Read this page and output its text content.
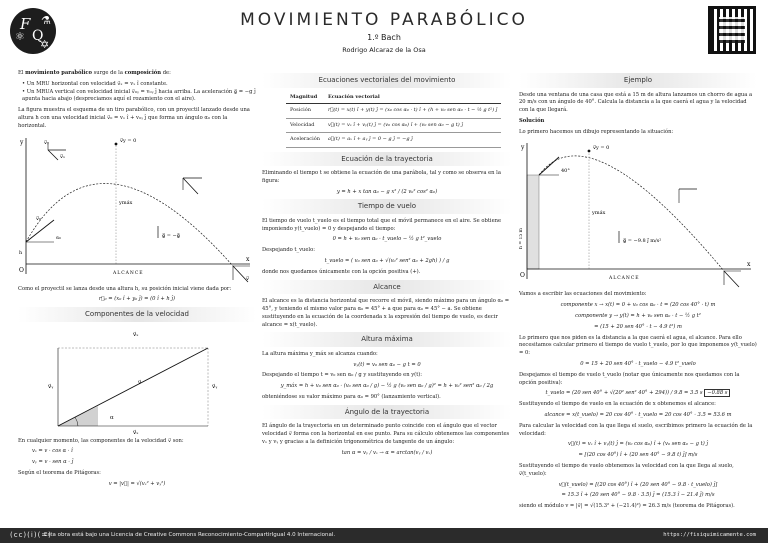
F
Q
⚛
⚗
✡
MOVIMIENTO PARABÓLICO
1.º Bach
Rodrigo Alcaraz de la Osa

El movimiento parabólico surge de la composición de:

• Un MRU horizontal con velocidad v⃗ₓ = vₓ î constante.
• Un MRUA vertical con velocidad inicial v⃗₀ᵧ = v₀ᵧ ĵ hacia arriba. La aceleración g⃗ = −g ĵ apunta hacia abajo (despreciamos aquí el rozamiento con el aire).

La figura muestra el esquema de un tiro parabólico, con un proyectil lanzado desde una altura h con una velocidad inicial v⃗₀ = vₓ î + v₀ᵧ ĵ que forma un ángulo α₀ con la horizontal.

y
x
O
h
v⃗y = 0
ymáx
g⃗ = −g⃗
ALCANCE
v⃗₀
α₀
v⃗ᵧ
v⃗ₓ
v⃗

Como el proyectil se lanza desde una altura h, su posición inicial viene dada por:

r⃗₀ = (x₀ î + y₀ ĵ) = (0 î + h ĵ)
Componentes de la velocidad
v⃗ₓ
v⃗ᵧ	v⃗ᵧ
v⃗ₓ
v⃗
α

En cualquier momento, las componentes de la velocidad v⃗ son:

vₓ = v · cos α · î
vᵧ = v · sen α · ĵ

Según el teorema de Pitágoras:

v = |v⃗| = √(vₓ² + vᵧ²)
Ecuaciones vectoriales del movimiento
Magnitud	Ecuación vectorial
Posición	r⃗(t) = x(t) î + y(t) ĵ = (x₀ cos α₀ · t) î + (h + v₀ sen α₀ · t − ½ g t²) ĵ
Velocidad	v⃗(t) = vₓ î + vᵧ(t) ĵ = (v₀ cos α₀) î + (v₀ sen α₀ − g t) ĵ
Aceleración	a⃗(t) = aₓ î + aᵧ ĵ = 0 − g ĵ = −g ĵ
Ecuación de la trayectoria

Eliminando el tiempo t se obtiene la ecuación de una parábola, tal y como se observa en la figura:

y = h + x tan α₀ − g x² / (2 v₀² cos² α₀)
Tiempo de vuelo

El tiempo de vuelo t_vuelo es el tiempo total que el móvil permanece en el aire. Se obtiene imponiendo y(t_vuelo) = 0 y despejando el tiempo:

0 = h + v₀ sen α₀ · t_vuelo − ½ g t²_vuelo

Despejando t_vuelo:

t_vuelo = ( v₀ sen α₀ + √(v₀² sen² α₀ + 2gh) ) / g

donde nos quedamos únicamente con la opción positiva (+).

Alcance

El alcance es la distancia horizontal que recorre el móvil, siendo máximo para un ángulo α₀ = 45°, y teniendo el mismo valor para α₀ = 45° + a que para α₀ = 45° − a. Se obtiene sustituyendo en la ecuación de la coordenada x la expresión del tiempo de vuelo, es decir alcance = x(t_vuelo).

Altura máxima

La altura máxima y_máx se alcanza cuando:

vᵧ(t) = v₀ sen α₀ − g t = 0

Despejando el tiempo t = v₀ sen α₀ / g y sustituyendo en y(t):

y_máx = h + v₀ sen α₀ · (v₀ sen α₀ / g) − ½ g (v₀ sen α₀ / g)² = h + v₀² sen² α₀ / 2g

obteniéndose su valor máximo para α₀ = 90° (lanzamiento vertical).

Ángulo de la trayectoria

El ángulo de la trayectoria en un determinado punto coincide con el ángulo que el vector velocidad v⃗ forma con la horizontal en ese punto. Para su cálculo obtenemos las componentes vₓ y vᵧ y gracias a la definición trigonométrica de tangente de un ángulo:

tan α = vᵧ / vₓ → α = arctan(vᵧ / vₓ)
Ejemplo

Desde una ventana de una casa que está a 15 m de altura lanzamos un chorro de agua a 20 m/s con un ángulo de 40°. Calcula la distancia a la que caerá el agua y la velocidad con la que llegará.

Solución

Lo primero hacemos un dibujo representando la situación:

y
x
O
h = 15 m
v⃗y = 0
ymáx
g⃗ = −9.8 j⃗ m/s²
ALCANCE
40°

Vamos a escribir las ecuaciones del movimiento:

componente x → x(t) = 0 + v₀ cos α₀ · t = (20 cos 40° · t) m
componente y → y(t) = h + v₀ sen α₀ · t − ½ g t²
= (15 + 20 sen 40° · t − 4.9 t²) m

Lo primero que nos piden es la distancia a la que caerá el agua, el alcance. Para ello necesitamos calcular primero el tiempo de vuelo t_vuelo, por lo que imponemos y(t_vuelo) = 0:

0 = 15 + 20 sen 40° · t_vuelo − 4.9 t²_vuelo

Despejamos el tiempo de vuelo t_vuelo (notar que únicamente nos quedamos con la opción positiva):

t_vuelo = (20 sen 40° + √(20² sen² 40° + 294)) / 9.8 = 3.5 s −0.88 s

Sustituyendo el tiempo de vuelo en la ecuación de x obtenemos el alcance:

alcance = x(t_vuelo) = 20 cos 40° · t_vuelo = 20 cos 40° · 3.5 = 53.6 m

Para calcular la velocidad con la que llega el suelo, escribimos primero la ecuación de la velocidad:

v⃗(t) = vₓ î + vᵧ(t) ĵ = (v₀ cos α₀) î + (v₀ sen α₀ − g t) ĵ
= [(20 cos 40°) î + (20 sen 40° − 9.8 t) ĵ] m/s

Sustituyendo el tiempo de vuelo obtenemos la velocidad con la que llega al suelo, v⃗(t_vuelo):

v⃗(t_vuelo) = [(20 cos 40°) î + (20 sen 40° − 9.8 · t_vuelo) ĵ]
= 15.3 î + (20 sen 40° − 9.8 · 3.5) ĵ = (15.3 î − 21.4 ĵ) m/s

siendo el módulo v = |v⃗| = √(15.3² + (−21.4)²) = 26.3 m/s (teorema de Pitágoras).

(cc)(i)(=)
Esta obra está bajo una Licencia de Creative Commons Reconocimiento-CompartirIgual 4.0 Internacional.	https://fisiquimicamente.com
